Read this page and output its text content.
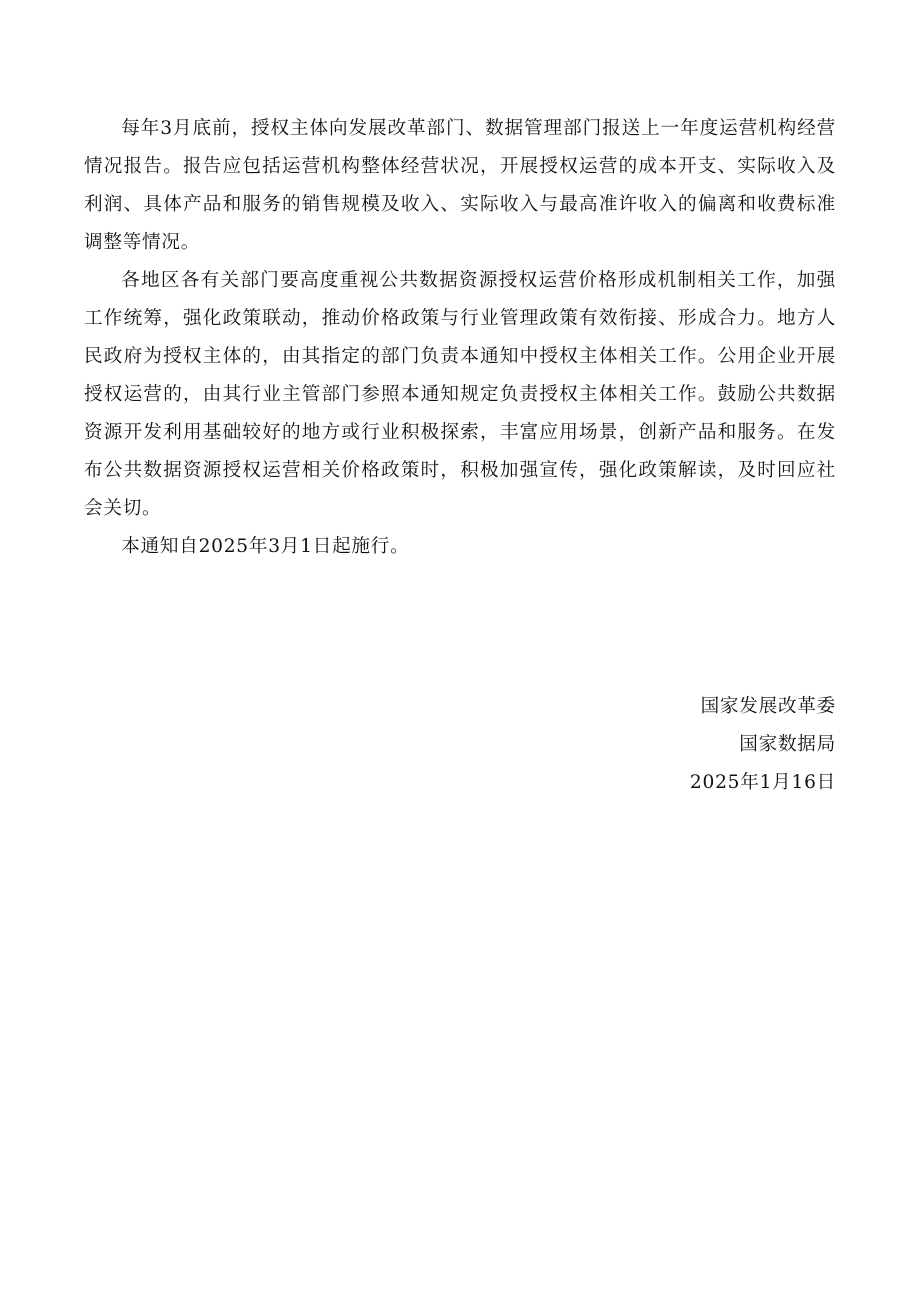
每年3月底前，授权主体向发展改革部门、数据管理部门报送上一年度运营机构经营情况报告。报告应包括运营机构整体经营状况，开展授权运营的成本开支、实际收入及利润、具体产品和服务的销售规模及收入、实际收入与最高准许收入的偏离和收费标准调整等情况。

各地区各有关部门要高度重视公共数据资源授权运营价格形成机制相关工作，加强工作统筹，强化政策联动，推动价格政策与行业管理政策有效衔接、形成合力。地方人民政府为授权主体的，由其指定的部门负责本通知中授权主体相关工作。公用企业开展授权运营的，由其行业主管部门参照本通知规定负责授权主体相关工作。鼓励公共数据资源开发利用基础较好的地方或行业积极探索，丰富应用场景，创新产品和服务。在发布公共数据资源授权运营相关价格政策时，积极加强宣传，强化政策解读，及时回应社会关切。

本通知自2025年3月1日起施行。

国家发展改革委
国家数据局
2025年1月16日
